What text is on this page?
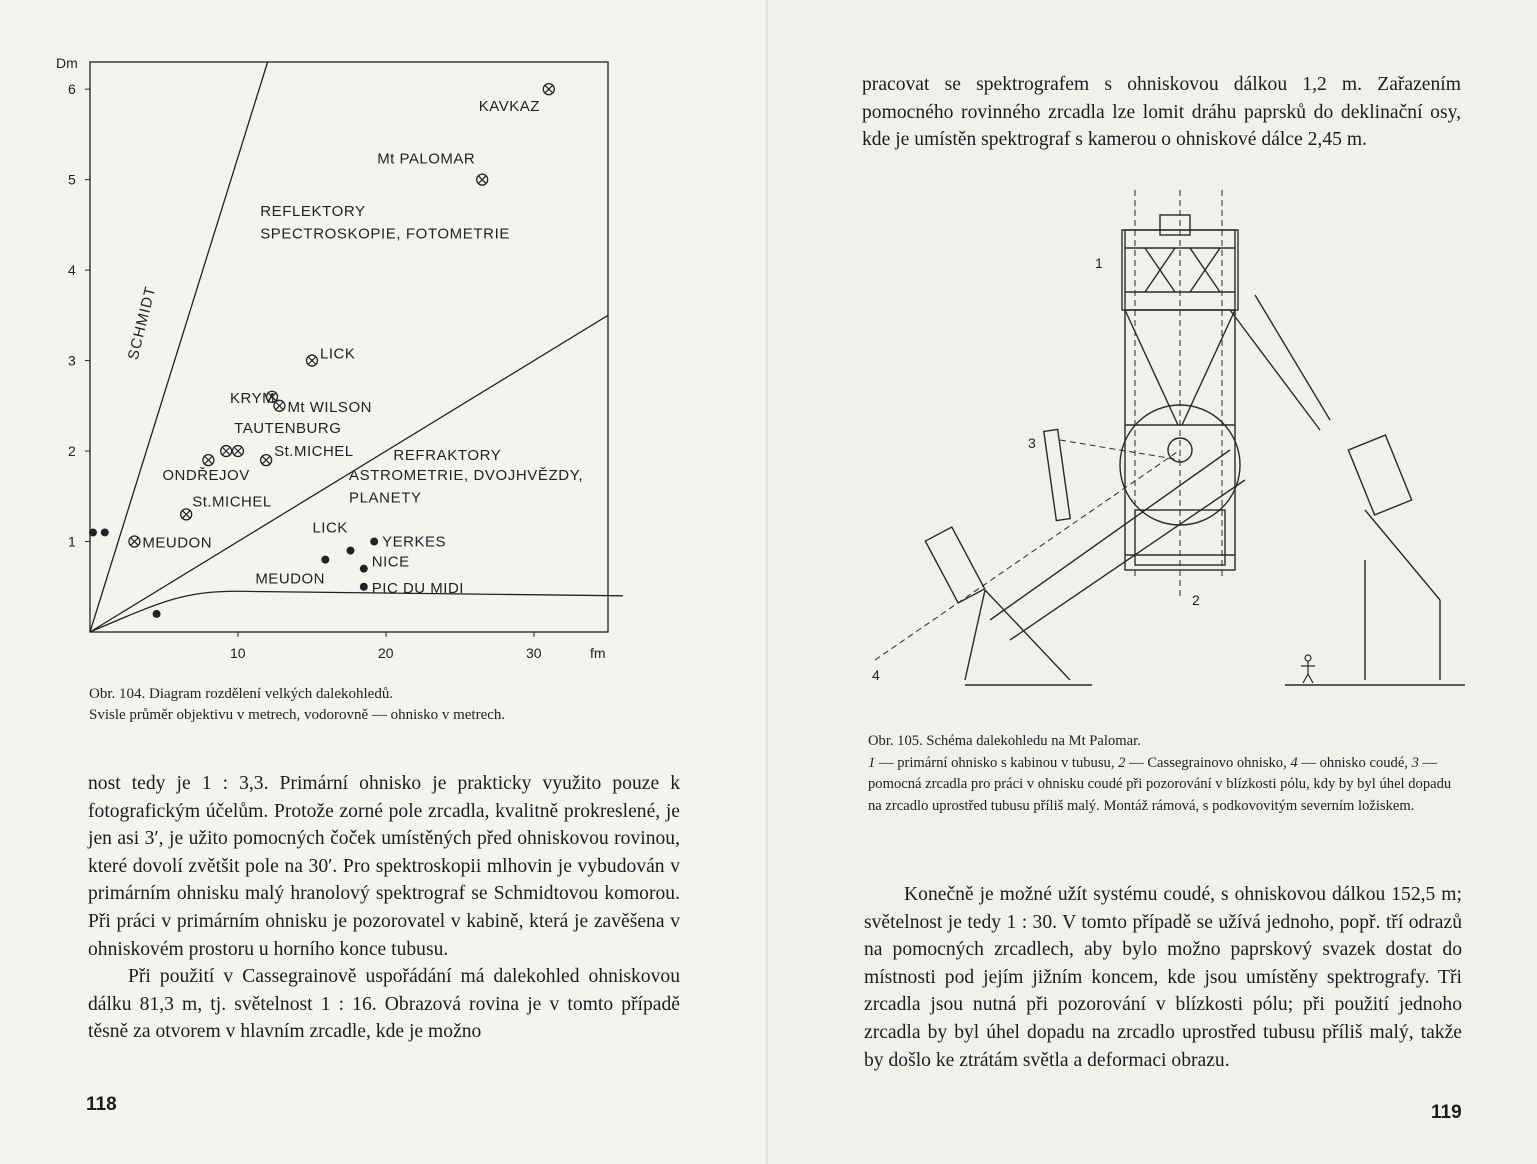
1
2
3
4
5
6
10	20	30
Dm
fm
KAVKAZ
Mt PALOMAR
LICK
KRYM
Mt WILSON
TAUTENBURG
St.MICHEL
ONDŘEJOV
St.MICHEL
MEUDON	YERKES
LICK
MEUDON
NICE
PIC DU MIDI
REFLEKTORY
SPECTROSKOPIE, FOTOMETRIE
REFRAKTORY
ASTROMETRIE, DVOJHVĚZDY,
PLANETY
SCHMIDT
Obr. 104. Diagram rozdělení velkých dalekohledů.
Svisle průměr objektivu v metrech, vodorovně — ohnisko v metrech.

nost tedy je 1 : 3,3. Primární ohnisko je prakticky využito pouze k fotografickým účelům. Protože zorné pole zrcadla, kvalitně prokreslené, je jen asi 3′, je užito pomocných čoček umístěných před ohniskovou rovinou, které dovolí zvětšit pole na 30′. Pro spektroskopii mlhovin je vybudován v primárním ohnisku malý hranolový spektrograf se Schmidtovou komorou. Při práci v primárním ohnisku je pozorovatel v kabině, která je zavěšena v ohniskovém prostoru u horního konce tubusu.

Při použití v Cassegrainově uspořádání má dalekohled ohniskovou dálku 81,3 m, tj. světelnost 1 : 16. Obrazová rovina je v tomto případě těsně za otvorem v hlavním zrcadle, kde je možno

118

pracovat se spektrografem s ohniskovou dálkou 1,2 m. Zařazením pomocného rovinného zrcadla lze lomit dráhu paprsků do deklinační osy, kde je umístěn spektrograf s kamerou o ohniskové dálce 2,45 m.

1
2
3
4
Obr. 105. Schéma dalekohledu na Mt Palomar.
1 — primární ohnisko s kabinou v tubusu, 2 — Cassegrainovo ohnisko, 4 — ohnisko coudé, 3 — pomocná zrcadla pro práci v ohnisku coudé při pozorování v blízkosti pólu, kdy by byl úhel dopadu na zrcadlo uprostřed tubusu příliš malý. Montáž rámová, s podkovovitým severním ložiskem.

Konečně je možné užít systému coudé, s ohniskovou dálkou 152,5 m; světelnost je tedy 1 : 30. V tomto případě se užívá jednoho, popř. tří odrazů na pomocných zrcadlech, aby bylo možno paprskový svazek dostat do místnosti pod jejím jižním koncem, kde jsou umístěny spektrografy. Tři zrcadla jsou nutná při pozorování v blízkosti pólu; při použití jednoho zrcadla by byl úhel dopadu na zrcadlo uprostřed tubusu příliš malý, takže by došlo ke ztrátám světla a deformaci obrazu.

119
